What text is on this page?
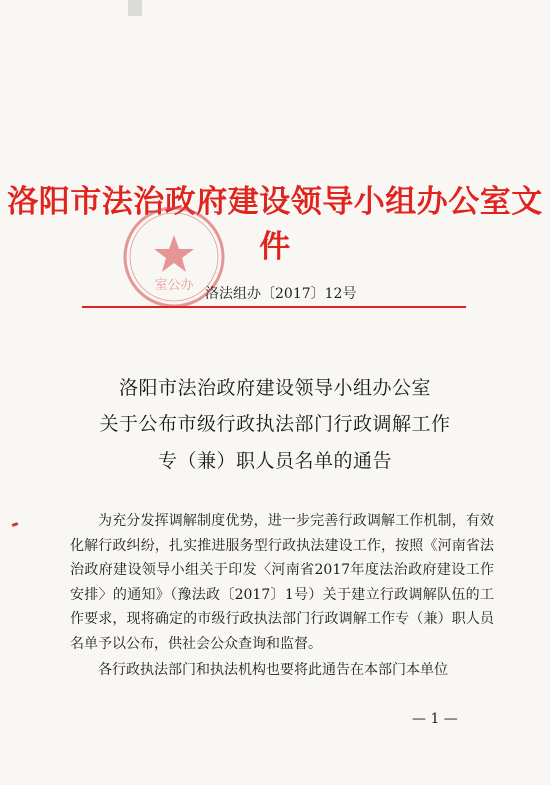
洛阳市法治政府建设领导小组办公室文件
室公办
洛法组办〔2017〕12号
洛阳市法治政府建设领导小组办公室
关于公布市级行政执法部门行政调解工作
专（兼）职人员名单的通告
为充分发挥调解制度优势，进一步完善行政调解工作机制，有效化解行政纠纷，扎实推进服务型行政执法建设工作，按照《河南省法治政府建设领导小组关于印发〈河南省2017年度法治政府建设工作安排〉的通知》（豫法政〔2017〕1号）关于建立行政调解队伍的工作要求，现将确定的市级行政执法部门行政调解工作专（兼）职人员名单予以公布，供社会公众查询和监督。
各行政执法部门和执法机构也要将此通告在本部门本单位
— 1 —
